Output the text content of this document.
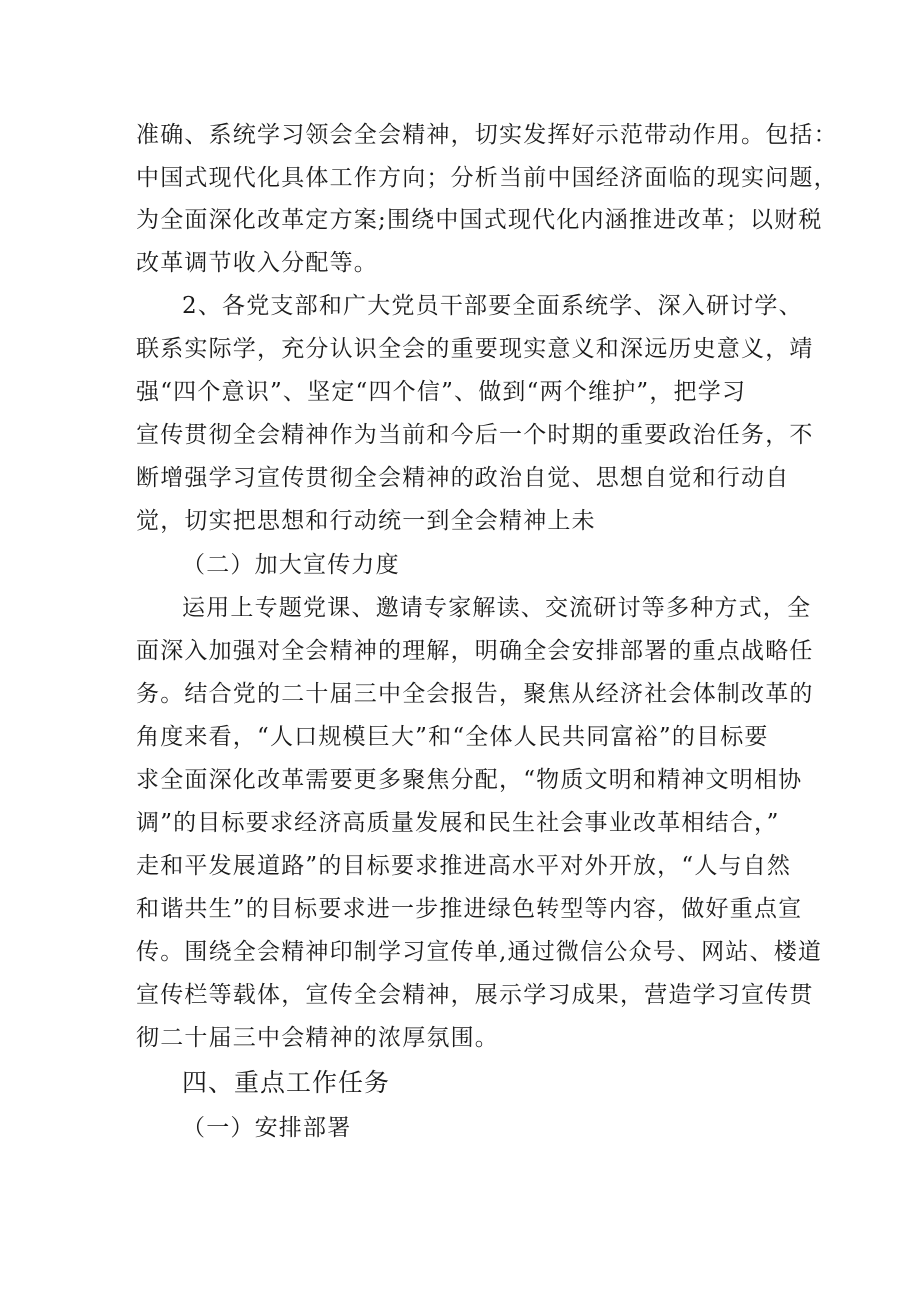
准确、系统学习领会全会精神，切实发挥好示范带动作用。包括：
中国式现代化具体工作方向；分析当前中国经济面临的现实问题，
为全面深化改革定方案;围绕中国式现代化内涵推进改革；以财税
改革调节收入分配等。
2、各党支部和广大党员干部要全面系统学、深入研讨学、
联系实际学，充分认识全会的重要现实意义和深远历史意义，靖
强“四个意识”、坚定“四个信”、做到“两个维护”，把学习
宣传贯彻全会精神作为当前和今后一个时期的重要政治任务，不
断增强学习宣传贯彻全会精神的政治自觉、思想自觉和行动自
觉，切实把思想和行动统一到全会精神上未
（二）加大宣传力度
运用上专题党课、邀请专家解读、交流研讨等多种方式，全
面深入加强对全会精神的理解，明确全会安排部署的重点战略任
务。结合党的二十届三中全会报告，聚焦从经济社会体制改革的
角度来看，“人口规模巨大”和“全体人民共同富裕”的目标要
求全面深化改革需要更多聚焦分配，“物质文明和精神文明相协
调”的目标要求经济高质量发展和民生社会事业改革相结合，”
走和平发展道路”的目标要求推进高水平对外开放，“人与自然
和谐共生”的目标要求进一步推进绿色转型等内容，做好重点宣
传。围绕全会精神印制学习宣传单,通过微信公众号、网站、楼道
宣传栏等载体，宣传全会精神，展示学习成果，营造学习宣传贯
彻二十届三中会精神的浓厚氛围。
四、重点工作任务
（一）安排部署
